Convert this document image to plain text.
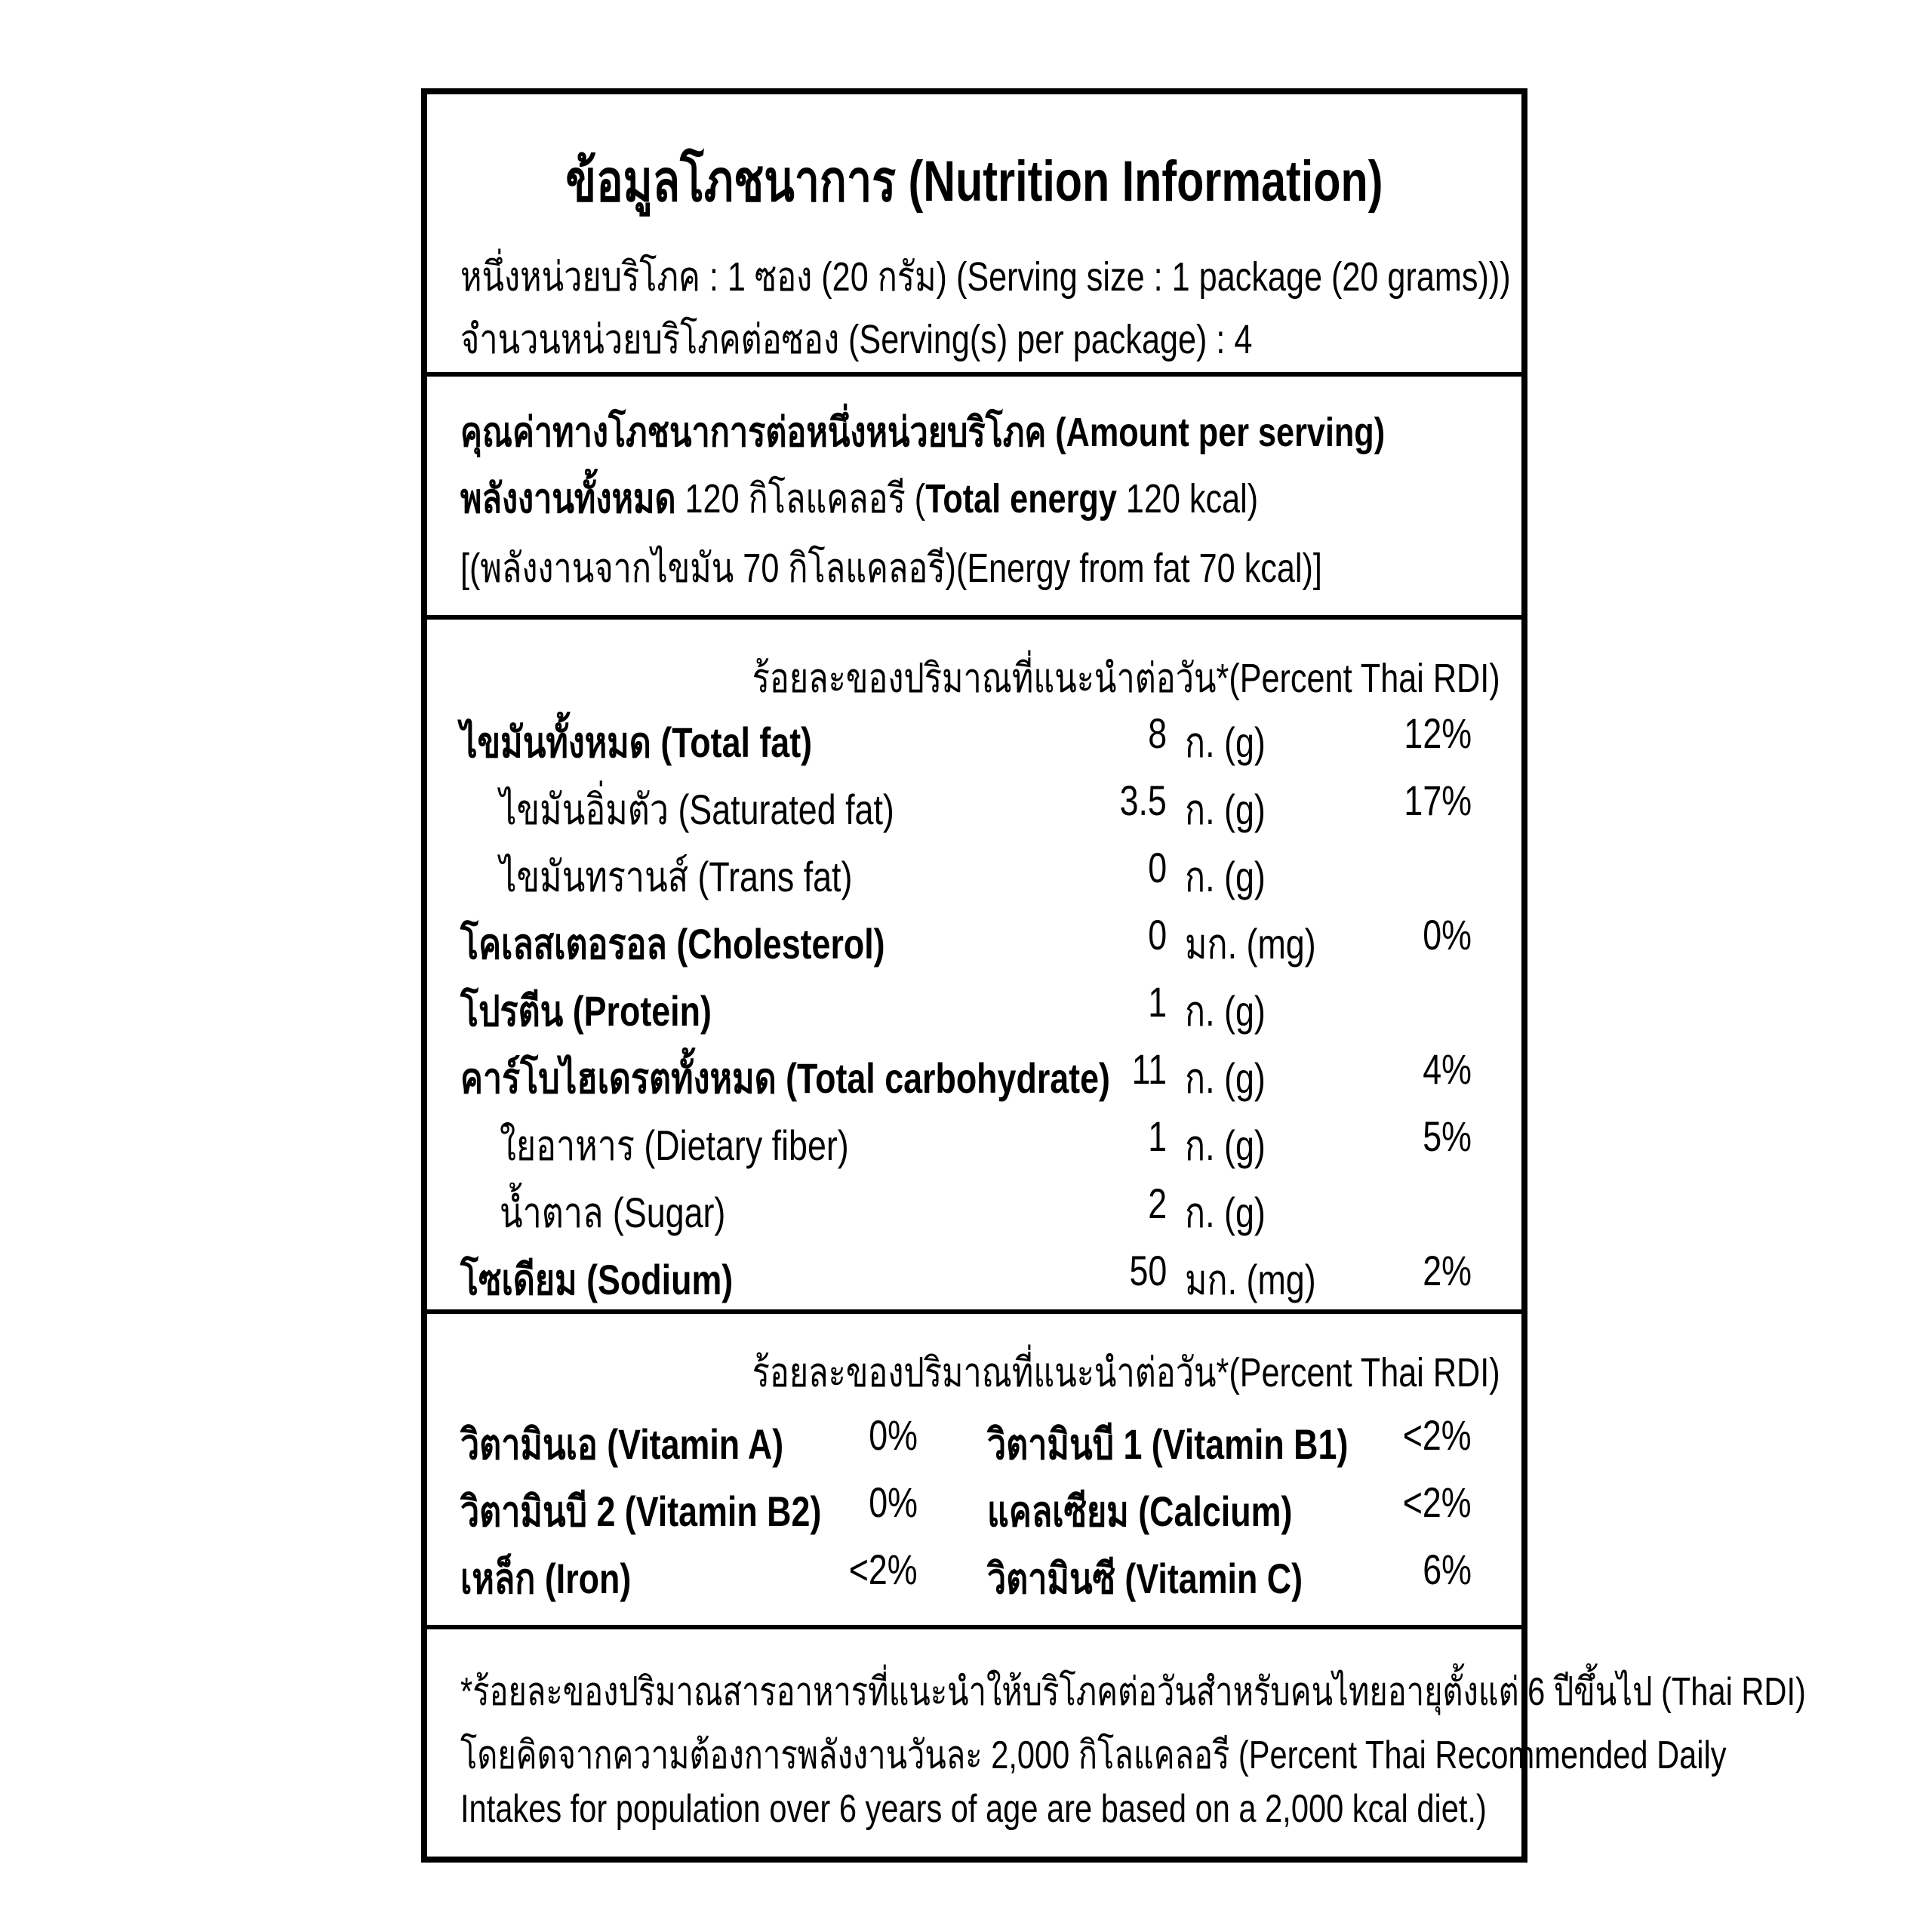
ข้อมูลโภชนาการ (Nutrition Information)
หนึ่งหน่วยบริโภค : 1 ซอง (20 กรัม) (Serving size : 1 package (20 grams)))
จำนวนหน่วยบริโภคต่อซอง (Serving(s) per package) : 4
คุณค่าทางโภชนาการต่อหนึ่งหน่วยบริโภค (Amount per serving)
พลังงานทั้งหมด 120 กิโลแคลอรี (Total energy 120 kcal)
[(พลังงานจากไขมัน 70 กิโลแคลอรี)(Energy from fat 70 kcal)]
ร้อยละของปริมาณที่แนะนำต่อวัน*(Percent Thai RDI)
ไขมันทั้งหมด (Total fat)	8 ก. (g)	12%
ไขมันอิ่มตัว (Saturated fat)	3.5 ก. (g)	17%
ไขมันทรานส์ (Trans fat)	0 ก. (g)
โคเลสเตอรอล (Cholesterol)	0 มก. (mg)	0%
โปรตีน (Protein)	1 ก. (g)
คาร์โบไฮเดรตทั้งหมด (Total carbohydrate) 11 ก. (g)	4%
ใยอาหาร (Dietary fiber)	1 ก. (g)	5%
น้ำตาล (Sugar)	2 ก. (g)
โซเดียม (Sodium)	50 มก. (mg)	2%
ร้อยละของปริมาณที่แนะนำต่อวัน*(Percent Thai RDI)
วิตามินเอ (Vitamin A) 0% วิตามินบี 1 (Vitamin B1) <2%
วิตามินบี 2 (Vitamin B2) 0% แคลเซียม (Calcium)	<2%
เหล็ก (Iron)	<2% วิตามินซี (Vitamin C)	6%
*ร้อยละของปริมาณสารอาหารที่แนะนำให้บริโภคต่อวันสำหรับคนไทยอายุตั้งแต่ 6 ปีขึ้นไป (Thai RDI)
โดยคิดจากความต้องการพลังงานวันละ 2,000 กิโลแคลอรี (Percent Thai Recommended Daily
Intakes for population over 6 years of age are based on a 2,000 kcal diet.)
